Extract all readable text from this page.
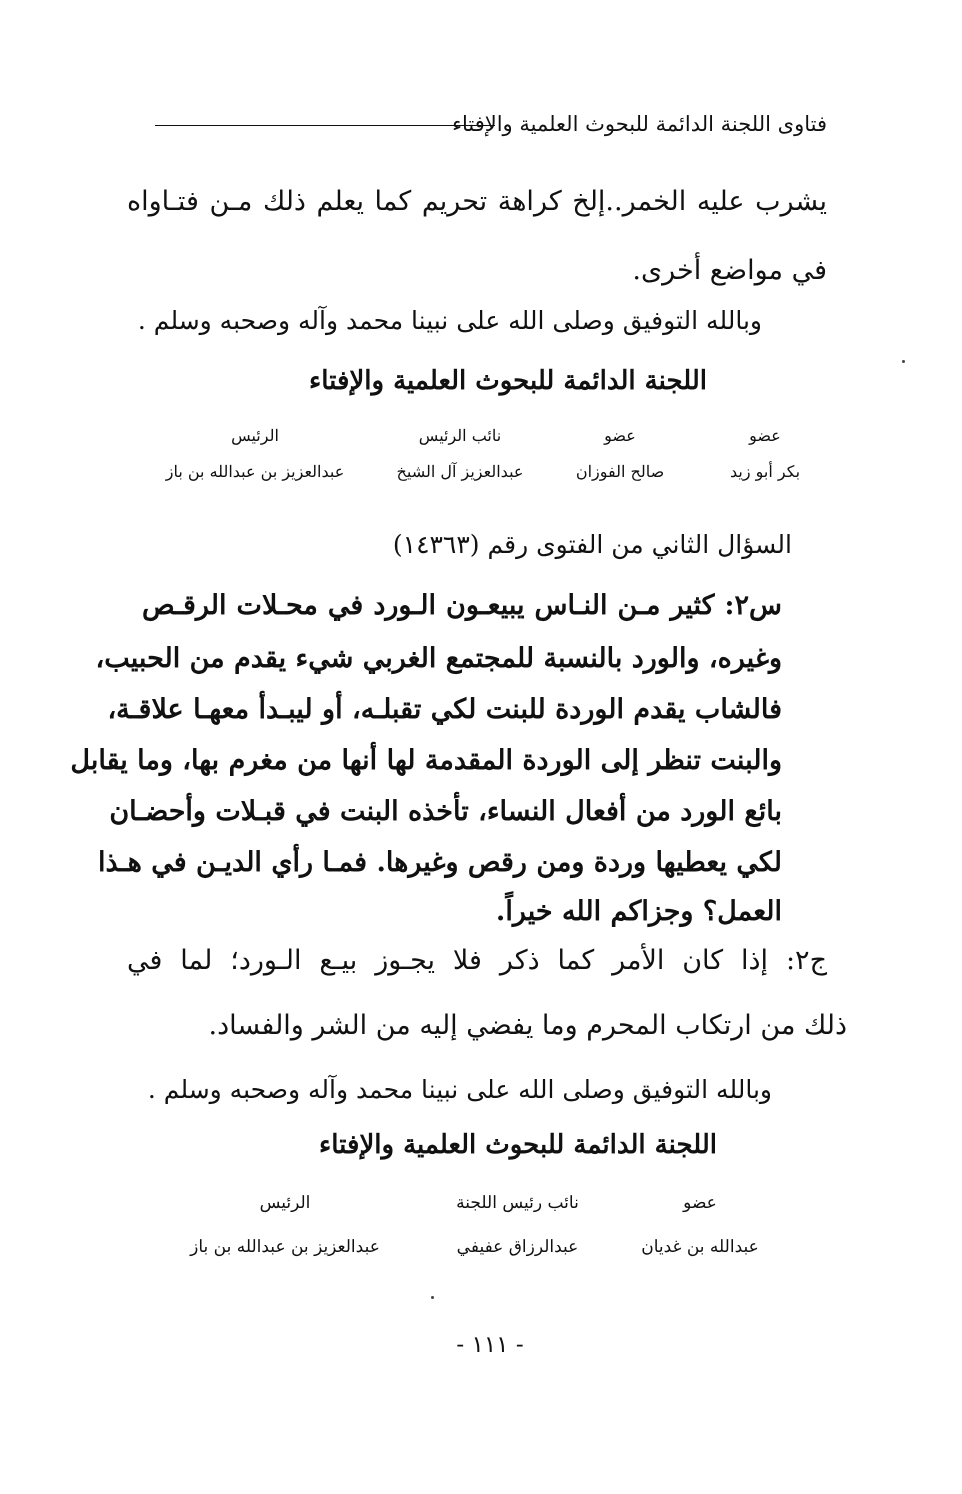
فتاوى اللجنة الدائمة للبحوث العلمية والإفتاء
يشرب عليه الخمر..إلخ كراهة تحريم كما يعلم ذلك مـن فتـاواه
في مواضع أخرى.
وبالله التوفيق وصلى الله على نبينا محمد وآله وصحبه وسلم .
اللجنة الدائمة للبحوث العلمية والإفتاء
عضو
بكر أبو زيد
عضو
صالح الفوزان
نائب الرئيس
عبدالعزيز آل الشيخ
الرئيس
عبدالعزيز بن عبدالله بن باز
السؤال الثاني من الفتوى رقم (١٤٣٦٣)
س٢: كثير مـن النـاس يبيعـون الـورد في محـلات الرقـص
وغيره، والورد بالنسبة للمجتمع الغربي شيء يقدم من الحبيب،
فالشاب يقدم الوردة للبنت لكي تقبلـه، أو ليبـدأ معهـا علاقـة،
والبنت تنظر إلى الوردة المقدمة لها أنها من مغرم بها، وما يقابل
بائع الورد من أفعال النساء، تأخذه البنت في قبـلات وأحضـان
لكي يعطيها وردة ومن رقص وغيرها. فمـا رأي الديـن في هـذا
العمل؟ وجزاكم الله خيراً.
ج٢: إذا كان الأمر كما ذكر فلا يجـوز بيـع الـورد؛ لما في
ذلك من ارتكاب المحرم وما يفضي إليه من الشر والفساد.
وبالله التوفيق وصلى الله على نبينا محمد وآله وصحبه وسلم .
اللجنة الدائمة للبحوث العلمية والإفتاء
عضو
عبدالله بن غديان
نائب رئيس اللجنة
عبدالرزاق عفيفي
الرئيس
عبدالعزيز بن عبدالله بن باز
- ١١١ -
